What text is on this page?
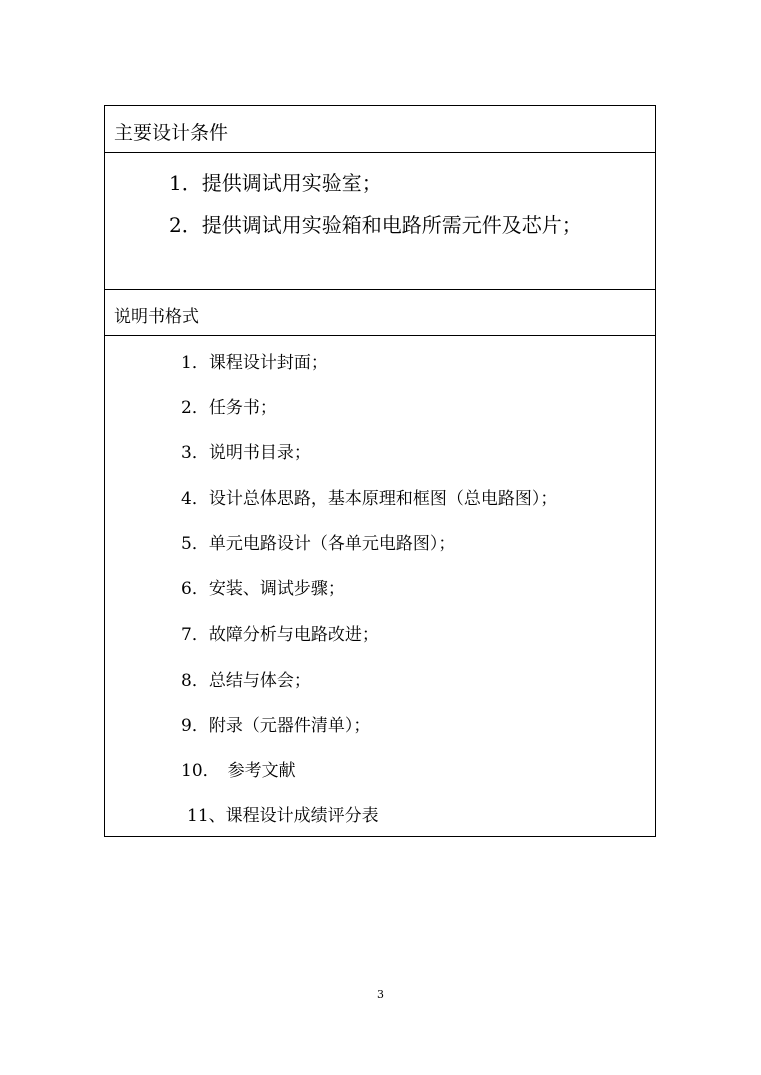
主要设计条件
1．提供调试用实验室；
2．提供调试用实验箱和电路所需元件及芯片；
说明书格式
1．课程设计封面；
2．任务书；
3．说明书目录；
4．设计总体思路，基本原理和框图（总电路图）；
5．单元电路设计（各单元电路图）；
6．安装、调试步骤；
7．故障分析与电路改进；
8．总结与体会；
9．附录（元器件清单）；
10． 参考文献
11、课程设计成绩评分表
3
